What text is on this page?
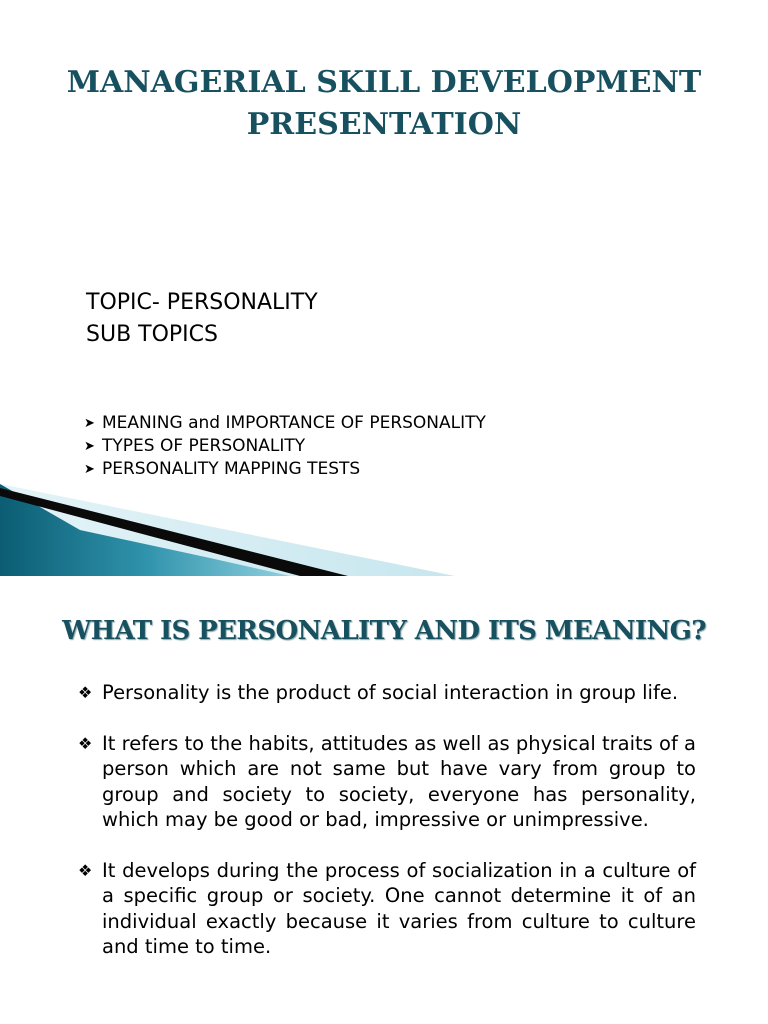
MANAGERIAL SKILL DEVELOPMENT
PRESENTATION
TOPIC- PERSONALITY
SUB TOPICS
➤ MEANING and IMPORTANCE OF PERSONALITY
➤ TYPES OF PERSONALITY
➤ PERSONALITY MAPPING TESTS
WHAT IS PERSONALITY AND ITS MEANING?
❖ Personality is the product of social interaction in group life.
❖ It refers to the habits, attitudes as well as physical traits of a person which are not same but have vary from group to group and society to society, everyone has personality, which may be good or bad, impressive or unimpressive.
❖ It develops during the process of socialization in a culture of a specific group or society. One cannot determine it of an individual exactly because it varies from culture to culture and time to time.
